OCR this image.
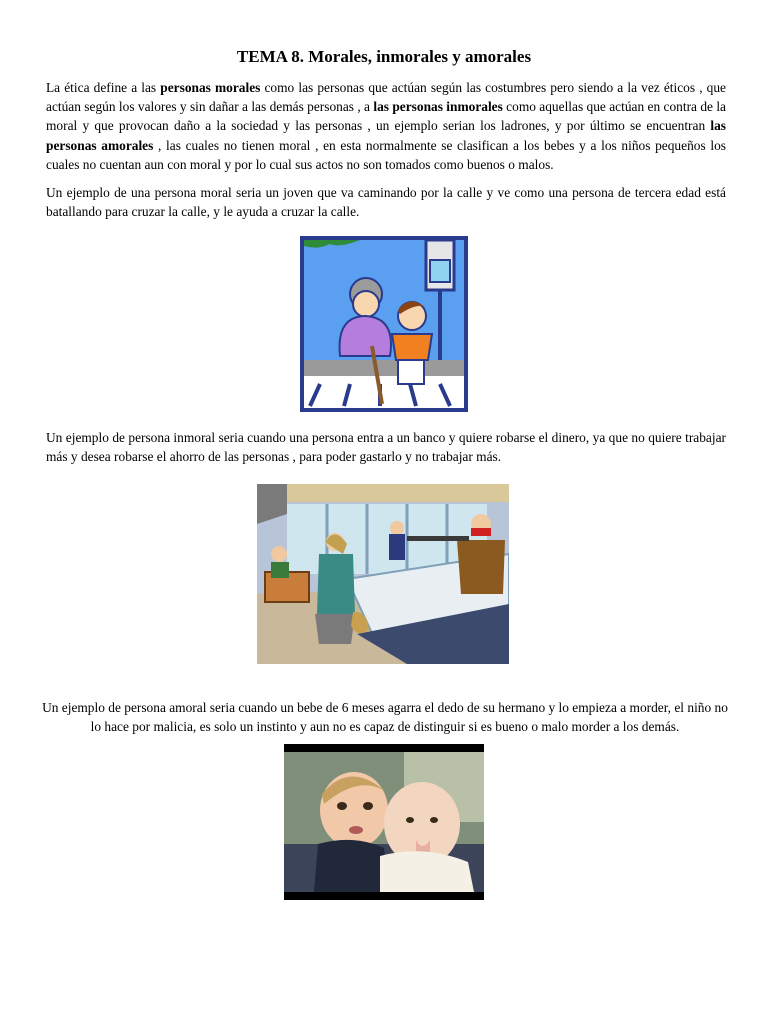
TEMA 8. Morales, inmorales y amorales

La ética define a las personas morales como las personas que actúan según las costumbres pero siendo a la vez éticos , que actúan según los valores y sin dañar a las demás personas , a las personas inmorales como aquellas que actúan en contra de la moral y que provocan daño a la sociedad y las personas , un ejemplo serian los ladrones, y por último se encuentran las personas amorales , las cuales no tienen moral , en esta normalmente se clasifican a los bebes y a los niños pequeños los cuales no cuentan aun con moral y por lo cual sus actos no son tomados como buenos o malos.

Un ejemplo de una persona moral seria un joven que va caminando por la calle y ve como una persona de tercera edad está batallando para cruzar la calle, y le ayuda a cruzar la calle.

Un ejemplo de persona inmoral seria cuando una persona entra a un banco y quiere robarse el dinero, ya que no quiere trabajar más y desea robarse el ahorro de las personas , para poder gastarlo y no trabajar más.

Un ejemplo de persona amoral seria cuando un bebe de 6 meses agarra el dedo de su hermano y lo empieza a morder, el niño no lo hace por malicia, es solo un instinto y aun no es capaz de distinguir si es bueno o malo morder a los demás.
